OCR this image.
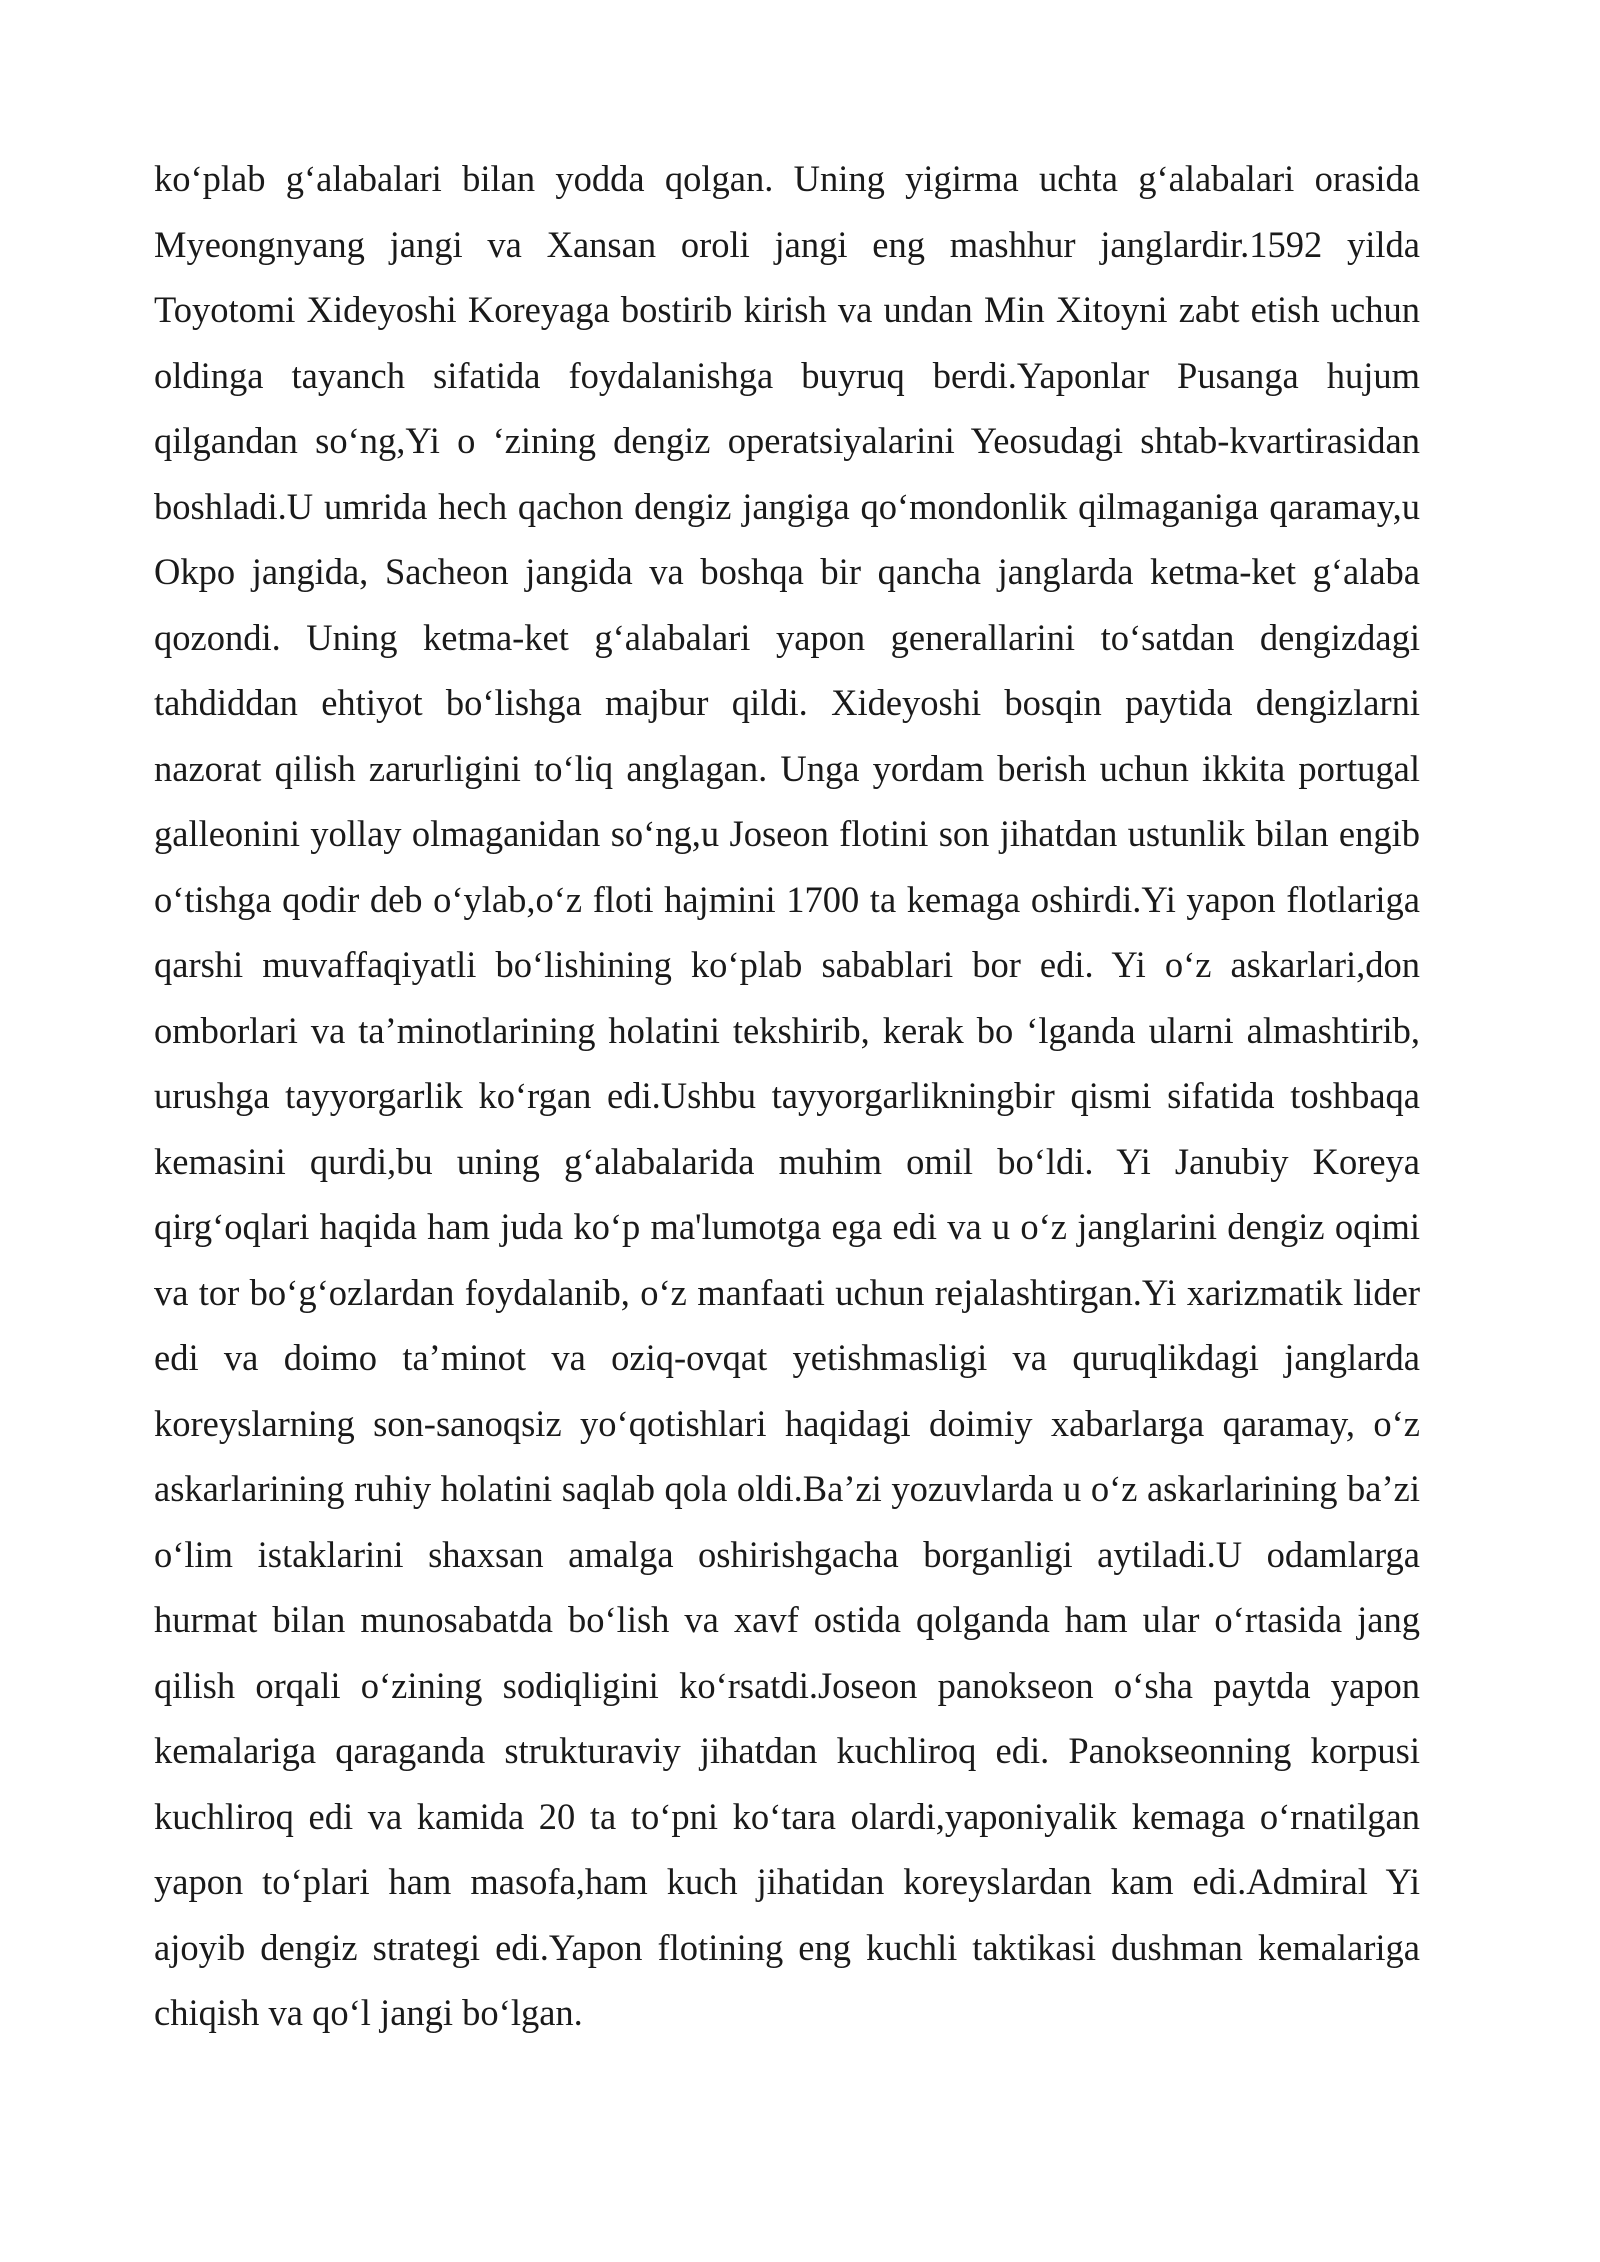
ko‘plab g‘alabalari bilan yodda qolgan. Uning yigirma uchta g‘alabalari orasida Myeongnyang jangi va Xansan oroli jangi eng mashhur janglardir.1592 yilda Toyotomi Xideyoshi Koreyaga bostirib kirish va undan Min Xitoyni zabt etish uchun oldinga tayanch sifatida foydalanishga buyruq berdi.Yaponlar Pusanga hujum qilgandan so‘ng,Yi o ‘zining dengiz operatsiyalarini Yeosudagi shtab-kvartirasidan boshladi.U umrida hech qachon dengiz jangiga qo‘mondonlik qilmaganiga qaramay,u Okpo jangida, Sacheon jangida va boshqa bir qancha janglarda ketma-ket g‘alaba qozondi. Uning ketma-ket g‘alabalari yapon generallarini to‘satdan dengizdagi tahdiddan ehtiyot bo‘lishga majbur qildi. Xideyoshi bosqin paytida dengizlarni nazorat qilish zarurligini to‘liq anglagan. Unga yordam berish uchun ikkita portugal galleonini yollay olmaganidan so‘ng,u Joseon flotini son jihatdan ustunlik bilan engib o‘tishga qodir deb o‘ylab,o‘z floti hajmini 1700 ta kemaga oshirdi.Yi yapon flotlariga qarshi muvaffaqiyatli bo‘lishining ko‘plab sabablari bor edi. Yi o‘z askarlari,don omborlari va ta’minotlarining holatini tekshirib, kerak bo ‘lganda ularni almashtirib, urushga tayyorgarlik ko‘rgan edi.Ushbu tayyorgarlikningbir qismi sifatida toshbaqa kemasini qurdi,bu uning g‘alabalarida muhim omil bo‘ldi. Yi Janubiy Koreya qirg‘oqlari haqida ham juda ko‘p ma'lumotga ega edi va u o‘z janglarini dengiz oqimi va tor bo‘g‘ozlardan foydalanib, o‘z manfaati uchun rejalashtirgan.Yi xarizmatik lider edi va doimo ta’minot va oziq-ovqat yetishmasligi va quruqlikdagi janglarda koreyslarning son-sanoqsiz yo‘qotishlari haqidagi doimiy xabarlarga qaramay, o‘z askarlarining ruhiy holatini saqlab qola oldi.Ba’zi yozuvlarda u o‘z askarlarining ba’zi o‘lim istaklarini shaxsan amalga oshirishgacha borganligi aytiladi.U odamlarga hurmat bilan munosabatda bo‘lish va xavf ostida qolganda ham ular o‘rtasida jang qilish orqali o‘zining sodiqligini ko‘rsatdi.Joseon panokseon o‘sha paytda yapon kemalariga qaraganda strukturaviy jihatdan kuchliroq edi. Panokseonning korpusi kuchliroq edi va kamida 20 ta to‘pni ko‘tara olardi,yaponiyalik kemaga o‘rnatilgan yapon to‘plari ham masofa,ham kuch jihatidan koreyslardan kam edi.Admiral Yi ajoyib dengiz strategi edi.Yapon flotining eng kuchli taktikasi dushman kemalariga chiqish va qo‘l jangi bo‘lgan.
